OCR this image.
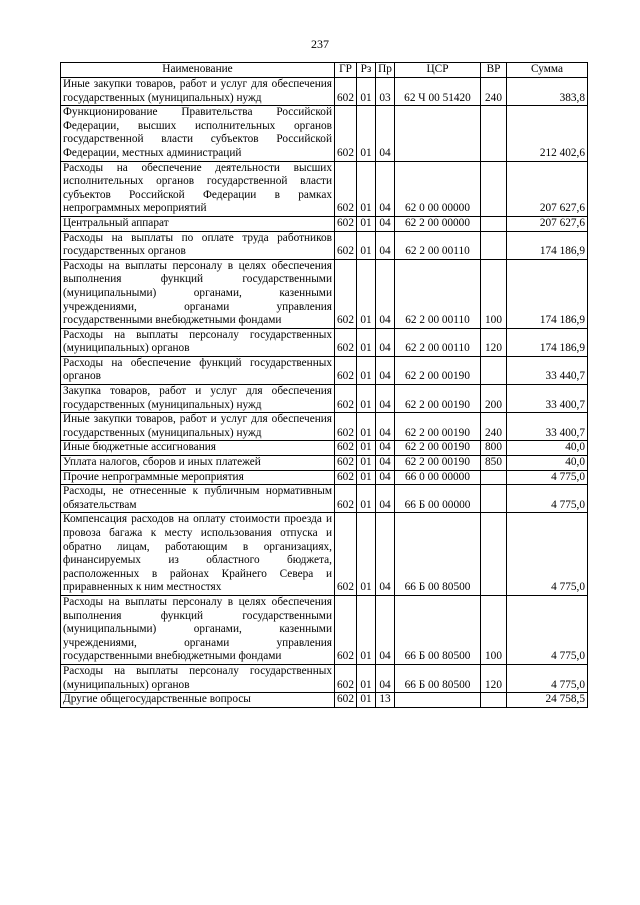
237
Наименование	ГР	Рз	Пр	ЦСР	ВР	Сумма
Иные закупки товаров, работ и услуг для обеспечения государственных (муниципальных) нужд	602	01	03	62 Ч 00 51420	240	383,8
Функционирование Правительства Российской Федерации, высших исполнительных органов государственной власти субъектов Российской Федерации, местных администраций	602	01	04			212 402,6
Расходы на обеспечение деятельности высших исполнительных органов государственной власти субъектов Российской Федерации в рамках непрограммных мероприятий	602	01	04	62 0 00 00000		207 627,6
Центральный аппарат	602	01	04	62 2 00 00000		207 627,6
Расходы на выплаты по оплате труда работников государственных органов	602	01	04	62 2 00 00110		174 186,9
Расходы на выплаты персоналу в целях обеспечения выполнения функций государственными (муниципальными) органами, казенными учреждениями, органами управления государственными внебюджетными фондами	602	01	04	62 2 00 00110	100	174 186,9
Расходы на выплаты персоналу государственных (муниципальных) органов	602	01	04	62 2 00 00110	120	174 186,9
Расходы на обеспечение функций государственных органов	602	01	04	62 2 00 00190		33 440,7
Закупка товаров, работ и услуг для обеспечения государственных (муниципальных) нужд	602	01	04	62 2 00 00190	200	33 400,7
Иные закупки товаров, работ и услуг для обеспечения государственных (муниципальных) нужд	602	01	04	62 2 00 00190	240	33 400,7
Иные бюджетные ассигнования	602	01	04	62 2 00 00190	800	40,0
Уплата налогов, сборов и иных платежей	602	01	04	62 2 00 00190	850	40,0
Прочие непрограммные мероприятия	602	01	04	66 0 00 00000		4 775,0
Расходы, не отнесенные к публичным нормативным обязательствам	602	01	04	66 Б 00 00000		4 775,0
Компенсация расходов на оплату стоимости проезда и провоза багажа к месту использования отпуска и обратно лицам, работающим в организациях, финансируемых из областного бюджета, расположенных в районах Крайнего Севера и приравненных к ним местностях	602	01	04	66 Б 00 80500		4 775,0
Расходы на выплаты персоналу в целях обеспечения выполнения функций государственными (муниципальными) органами, казенными учреждениями, органами управления государственными внебюджетными фондами	602	01	04	66 Б 00 80500	100	4 775,0
Расходы на выплаты персоналу государственных (муниципальных) органов	602	01	04	66 Б 00 80500	120	4 775,0
Другие общегосударственные вопросы	602	01	13			24 758,5
